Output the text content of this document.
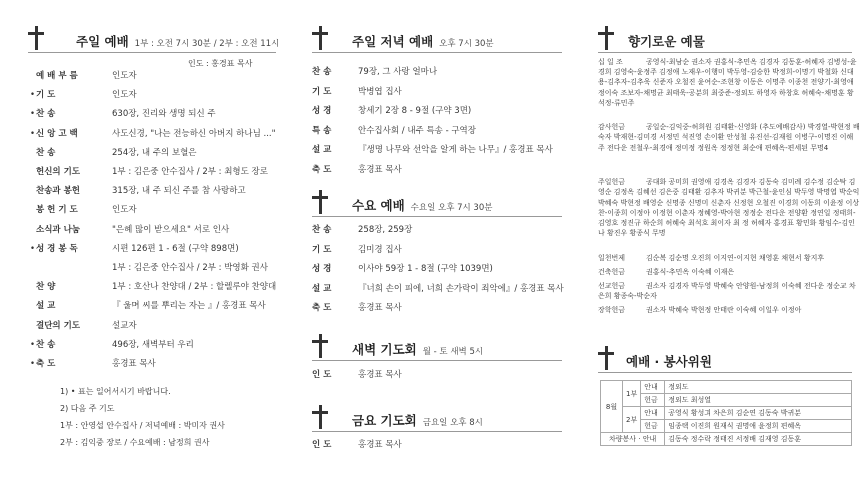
주일 예배 1부 : 오전 7시 30분 / 2부 : 오전 11시
인도 : 홍경표 목사
예 배 부 름	인도자
• 기 도	인도자
• 찬 송	630장, 진리와 생명 되신 주
• 신 앙 고 백	사도신경, "나는 전능하신 아버지 하나님 ..."
찬 송	254장, 내 주의 보혈은
헌신의 기도	1부 : 김은중 안수집사 / 2부 : 최형도 장로
찬송과 봉헌	315장, 내 주 되신 주를 참 사랑하고
봉 헌 기 도	인도자
소식과 나눔	"은혜 많이 받으세요" 서로 인사
• 성 경 봉 독	시편 126편 1 - 6절 (구약 898면)
1부 : 김은중 안수집사 / 2부 : 박영화 권사
찬 양	1부 : 호산나 찬양대 / 2부 : 할렐루야 찬양대
설 교	『 울며 씨를 뿌리는 자는 』/ 홍경표 목사
결단의 기도	설교자
• 찬 송	496장, 새벽부터 우리
• 축 도	홍경표 목사
1) • 표는 일어서시기 바랍니다.
2) 다음 주 기도
1부 : 안영섭 안수집사 / 저녁예배 : 박미자 권사
2부 : 김익중 장로 / 수요예배 : 남정희 권사
주일 저녁 예배 오후 7시 30분
찬 송	79장, 그 사랑 얼마나
기 도	박병엽 집사
성 경	창세기 2장 8 - 9절 (구약 3면)
특 송	안수집사회 / 내주 특송 - 구역장
설 교	『생명 나무와 선악을 알게 하는 나무』/ 홍경표 목사
축 도	홍경표 목사
수요 예배 수요일 오후 7시 30분
찬 송	258장, 259장
기 도	김미경 집사
성 경	이사야 59장 1 - 8절 (구약 1039면)
설 교	『너희 손이 피에, 너희 손가락이 죄악에』/ 홍경표 목사
축 도	홍경표 목사
새벽 기도회 월 - 토 새벽 5시
인 도	홍경표 목사
금요 기도회 금요일 오후 8시
인 도	홍경표 목사
향기로운 예물
십 일 조	공영식-최남순 권소자 권홍식-추민옥 김경자 김동훈-허혜자 김병성-윤경희 김영숙-윤정주 김정애 노재우-이행미 박두영-김승한 박정희-이명기 박철화 신대용-김추자-김추욱 신준자 오철진 윤여순-조현창 이동은 이명주 이종천 전양기-최영애 정이숙 조보자-채명균 최태욱-공분희 최중준-정외도 하영자 하창호 허혜숙-채명훈 황석정-류민주
감사헌금	공일순-김익중-허희원 김태환-신영화 (추도예배감사) 박경열-박현정 배숙자 박재현-김미경 서정민 석진영 손이환 안성철 유진선-김재원 이병구-이명진 이해주 전다운 전철우-최경애 정미정 정원옥 정정현 최순애 편혜옥-편세된 무명4
주일헌금	공대화 공미희 권영애 김경옥 김경자 김동숙 김미례 김수정 김순탁 김영순 김정옥 김혜선 김은중 김태환 김추자 박귀분 박근철-윤인심 박두영 박명엽 박순익 박혜숙 박현정 배영순 신명종 신명미 신춘자 신정현 오철진 이경희 이동희 이윤정 이상찬-이종희 이정아 이정현 이춘자 정혜영-박아현 정정순 전다운 전양환 정연일 정태희-김영호 정진규 하순희 허혜숙 최석호 최이자 최 정 허혜자 홍경표 황민화 황임수-김인나 황진우 황종식 무명
일천번제	김순복 김순명 오진희 이지연-이지현 채영훈 채현서 황지후
건축헌금	권홍식-추민옥 이숙혜 이재은
선교헌금	권소자 김경자 박두영 박혜숙 안양원-남정희 이숙혜 전다운 정순교 차은희 황종숙-박순자
장학헌금	권소자 박혜숙 박현정 안태란 이숙혜 이일우 이정아
예배 · 봉사위원
8월	1부	안내	정외도
		헌금	정외도 최성열
	2부	안내	공영식 황성긔 차은희 김순연 김동숙 박귀분
		헌금	임종택 이진희 원재식 권명애 윤정희 편혜옥
차량봉사 · 안내			김동숙 정수락 정태진 서정배 김재영 김동훈
